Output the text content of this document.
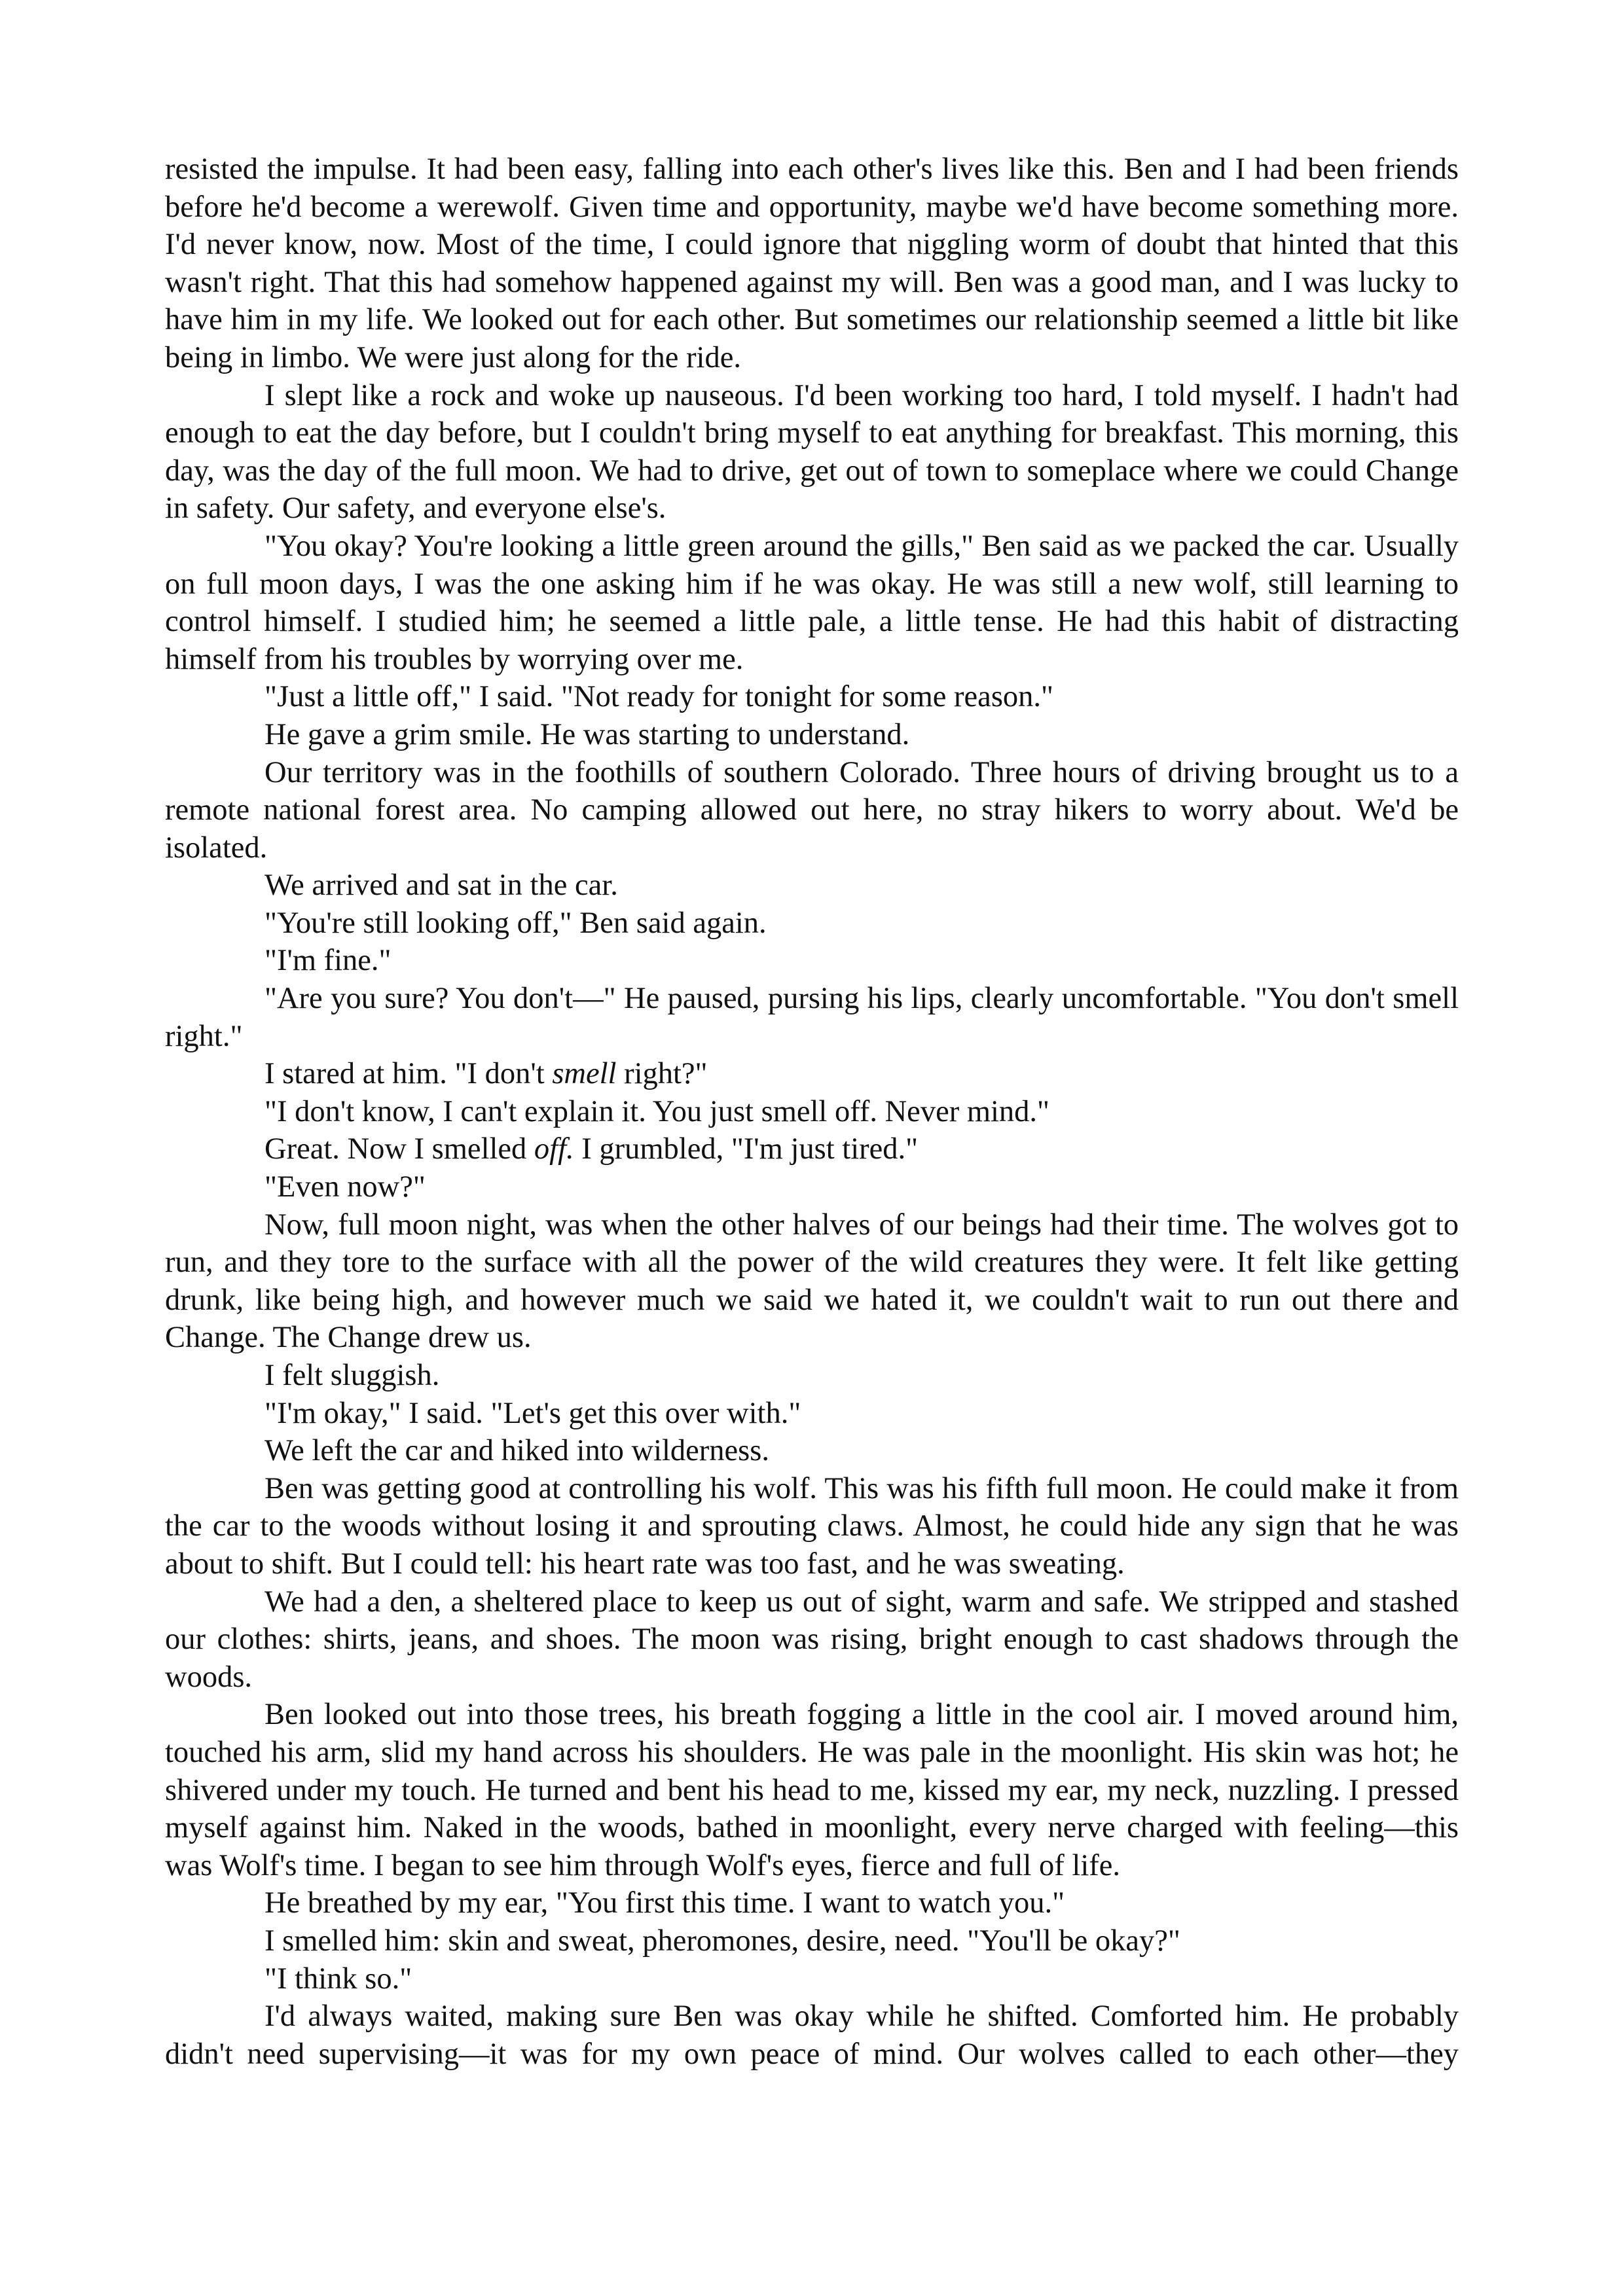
resisted the impulse. It had been easy, falling into each other's lives like this. Ben and I had been friends before he'd become a werewolf. Given time and opportunity, maybe we'd have become something more. I'd never know, now. Most of the time, I could ignore that niggling worm of doubt that hinted that this wasn't right. That this had somehow happened against my will. Ben was a good man, and I was lucky to have him in my life. We looked out for each other. But sometimes our relationship seemed a little bit like being in limbo. We were just along for the ride.

I slept like a rock and woke up nauseous. I'd been working too hard, I told myself. I hadn't had enough to eat the day before, but I couldn't bring myself to eat anything for breakfast. This morning, this day, was the day of the full moon. We had to drive, get out of town to someplace where we could Change in safety. Our safety, and everyone else's.

"You okay? You're looking a little green around the gills," Ben said as we packed the car. Usually on full moon days, I was the one asking him if he was okay. He was still a new wolf, still learning to control himself. I studied him; he seemed a little pale, a little tense. He had this habit of distracting himself from his troubles by worrying over me.

"Just a little off," I said. "Not ready for tonight for some reason."

He gave a grim smile. He was starting to understand.

Our territory was in the foothills of southern Colorado. Three hours of driving brought us to a remote national forest area. No camping allowed out here, no stray hikers to worry about. We'd be isolated.

We arrived and sat in the car.

"You're still looking off," Ben said again.

"I'm fine."

"Are you sure? You don't—" He paused, pursing his lips, clearly uncomfortable. "You don't smell right."

I stared at him. "I don't smell right?"

"I don't know, I can't explain it. You just smell off. Never mind."

Great. Now I smelled off. I grumbled, "I'm just tired."

"Even now?"

Now, full moon night, was when the other halves of our beings had their time. The wolves got to run, and they tore to the surface with all the power of the wild creatures they were. It felt like getting drunk, like being high, and however much we said we hated it, we couldn't wait to run out there and Change. The Change drew us.

I felt sluggish.

"I'm okay," I said. "Let's get this over with."

We left the car and hiked into wilderness.

Ben was getting good at controlling his wolf. This was his fifth full moon. He could make it from the car to the woods without losing it and sprouting claws. Almost, he could hide any sign that he was about to shift. But I could tell: his heart rate was too fast, and he was sweating.

We had a den, a sheltered place to keep us out of sight, warm and safe. We stripped and stashed our clothes: shirts, jeans, and shoes. The moon was rising, bright enough to cast shadows through the woods.

Ben looked out into those trees, his breath fogging a little in the cool air. I moved around him, touched his arm, slid my hand across his shoulders. He was pale in the moonlight. His skin was hot; he shivered under my touch. He turned and bent his head to me, kissed my ear, my neck, nuzzling. I pressed myself against him. Naked in the woods, bathed in moonlight, every nerve charged with feeling—this was Wolf's time. I began to see him through Wolf's eyes, fierce and full of life.

He breathed by my ear, "You first this time. I want to watch you."

I smelled him: skin and sweat, pheromones, desire, need. "You'll be okay?"

"I think so."

I'd always waited, making sure Ben was okay while he shifted. Comforted him. He probably didn't need supervising—it was for my own peace of mind. Our wolves called to each other—they
